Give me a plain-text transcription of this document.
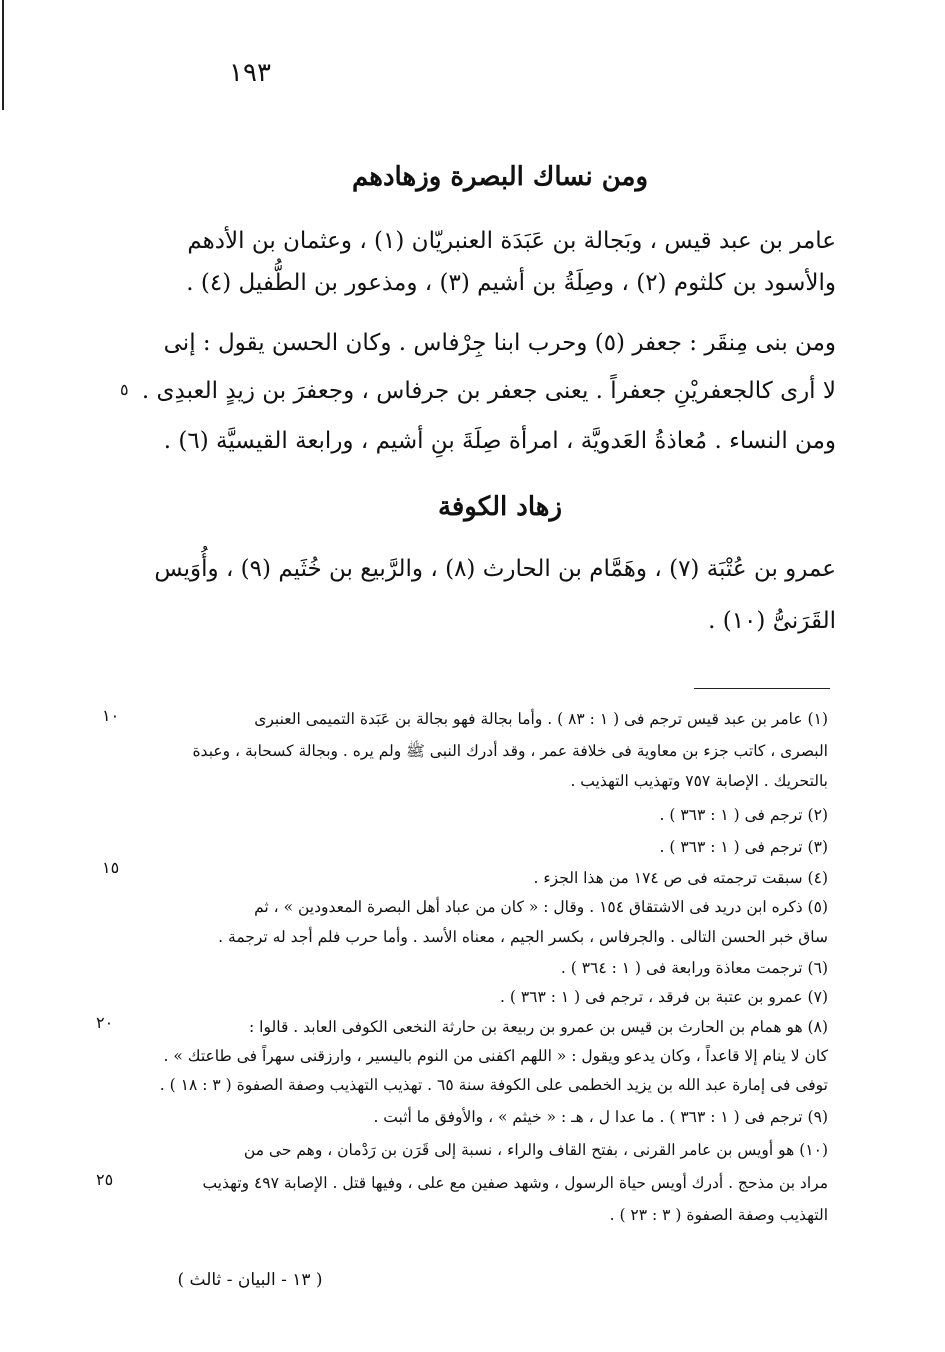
١٩٣
ومن نساك البصرة وزهادهم
عامر بن عبد قيس ، وبَجالة بن عَبَدَة العنبريّان (١) ، وعثمان بن الأدهم
والأسود بن كلثوم (٢) ، وصِلَةُ بن أشيم (٣) ، ومذعور بن الطُّفيل (٤) .
ومن بنى مِنقَر : جعفر (٥) وحرب ابنا جِرْفاس . وكان الحسن يقول : إنى
لا أرى كالجعفريْنِ جعفراً . يعنى جعفر بن جرفاس ، وجعفرَ بن زيدٍ العبدِى .
ومن النساء . مُعاذةُ العَدويَّة ، امرأة صِلَةَ بنِ أشيم ، ورابعة القيسيَّة (٦) .
٥
زهاد الكوفة
عمرو بن عُتْبَة (٧) ، وهَمَّام بن الحارث (٨) ، والرَّبيع بن خُثَيم (٩) ، وأُوَيس
القَرَنىُّ (١٠) .
١٠
١٥
٢٠
٢٥
(١) عامر بن عبد قيس ترجم فى ( ١ : ٨٣ ) . وأما بجالة فهو بجالة بن عَبَدة التميمى العنبرى
البصرى ، كاتب جزء بن معاوية فى خلافة عمر ، وقد أدرك النبى ﷺ ولم يره . وبجالة كسحابة ، وعبدة
بالتحريك . الإصابة ٧٥٧ وتهذيب التهذيب .
(٢) ترجم فى ( ١ : ٣٦٣ ) .
(٣) ترجم فى ( ١ : ٣٦٣ ) .
(٤) سبقت ترجمته فى ص ١٧٤ من هذا الجزء .
(٥) ذكره ابن دريد فى الاشتقاق ١٥٤ . وقال : « كان من عباد أهل البصرة المعدودين » ، ثم
ساق خبر الحسن التالى . والجرفاس ، بكسر الجيم ، معناه الأسد . وأما حرب فلم أجد له ترجمة .
(٦) ترجمت معاذة ورابعة فى ( ١ : ٣٦٤ ) .
(٧) عمرو بن عتبة بن فرقد ، ترجم فى ( ١ : ٣٦٣ ) .
(٨) هو همام بن الحارث بن قيس بن عمرو بن ربيعة بن حارثة النخعى الكوفى العابد . قالوا :
كان لا ينام إلا قاعداً ، وكان يدعو ويقول : « اللهم اكفنى من النوم باليسير ، وارزقنى سهراً فى طاعتك » .
توفى فى إمارة عبد الله بن يزيد الخطمى على الكوفة سنة ٦٥ . تهذيب التهذيب وصفة الصفوة ( ٣ : ١٨ ) .
(٩) ترجم فى ( ١ : ٣٦٣ ) . ما عدا ل ، هـ : « خيثم » ، والأوفق ما أثبت .
(١٠) هو أويس بن عامر القرنى ، بفتح القاف والراء ، نسبة إلى قَرَن بن رَدْمان ، وهم حى من
مراد بن مذحج . أدرك أويس حياة الرسول ، وشهد صفين مع على ، وفيها قتل . الإصابة ٤٩٧ وتهذيب
التهذيب وصفة الصفوة ( ٣ : ٢٣ ) .
( ١٣ - البيان - ثالث )
